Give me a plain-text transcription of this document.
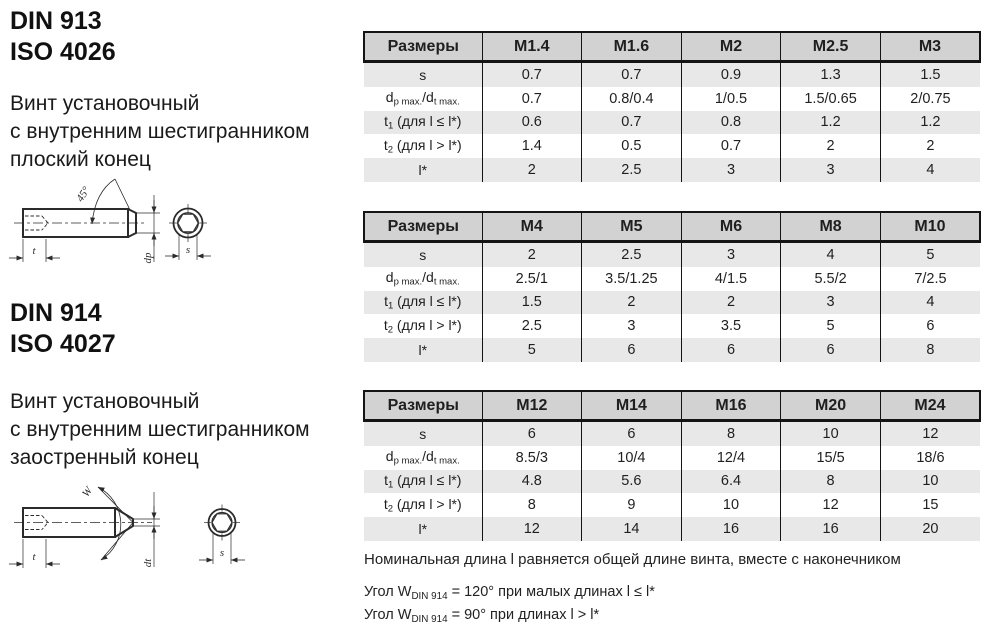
DIN 913
ISO 4026
Винт установочный
с внутренним шестигранником
плоский конец
45°
t
dp
s
DIN 914
ISO 4027
Винт установочный
с внутренним шестигранником
заостренный конец
W
t	dt
s
Размеры	M1.4	M1.6	M2	M2.5	M3
s	0.7	0.7	0.9	1.3	1.5
$d_{p max.}/d_{t max.}$	0.7	0.8/0.4	1/0.5	1.5/0.65	2/0.75
$t_1$ (для l ≤ l*)	0.6	0.7	0.8	1.2	1.2
$t_2$ (для l > l*)	1.4	0.5	0.7	2	2
l*	2	2.5	3	3	4
Размеры	M4	M5	M6	M8	M10
s	2	2.5	3	4	5
$d_{p max.}/d_{t max.}$	2.5/1	3.5/1.25	4/1.5	5.5/2	7/2.5
$t_1$ (для l ≤ l*)	1.5	2	2	3	4
$t_2$ (для l > l*)	2.5	3	3.5	5	6
l*	5	6	6	6	8
Размеры	M12	M14	M16	M20	M24
s	6	6	8	10	12
$d_{p max.}/d_{t max.}$	8.5/3	10/4	12/4	15/5	18/6
$t_1$ (для l ≤ l*)	4.8	5.6	6.4	8	10
$t_2$ (для l > l*)	8	9	10	12	15
l*	12	14	16	16	20
Номинальная длина l равняется общей длине винта, вместе с наконечником
Угол $W_{DIN 914} = 120^\circ$ при малых длинах l ≤ l*
Угол $W_{DIN 914} = 90^\circ$ при длинах l > l*
